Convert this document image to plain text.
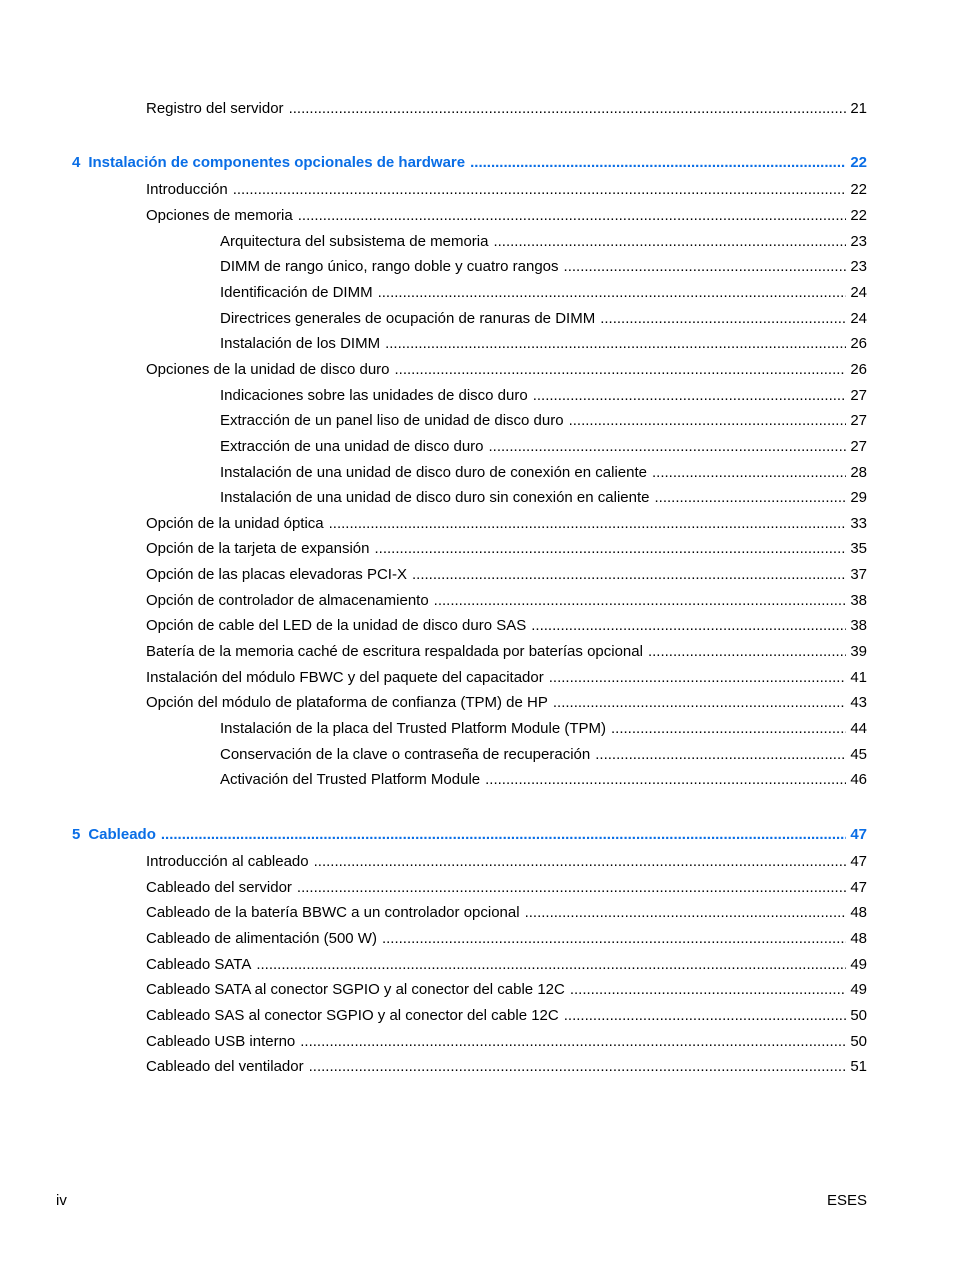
Registro del servidor .....	21
4 Instalación de componentes opcionales de hardware .....	22
Introducción .....	22
Opciones de memoria .....	22
Arquitectura del subsistema de memoria .....	23
DIMM de rango único, rango doble y cuatro rangos .....	23
Identificación de DIMM .....	24
Directrices generales de ocupación de ranuras de DIMM .....	24
Instalación de los DIMM .....	26
Opciones de la unidad de disco duro .....	26
Indicaciones sobre las unidades de disco duro .....	27
Extracción de un panel liso de unidad de disco duro .....	27
Extracción de una unidad de disco duro .....	27
Instalación de una unidad de disco duro de conexión en caliente .....	28
Instalación de una unidad de disco duro sin conexión en caliente .....	29
Opción de la unidad óptica .....	33
Opción de la tarjeta de expansión .....	35
Opción de las placas elevadoras PCI-X .....	37
Opción de controlador de almacenamiento .....	38
Opción de cable del LED de la unidad de disco duro SAS .....	38
Batería de la memoria caché de escritura respaldada por baterías opcional .....	39
Instalación del módulo FBWC y del paquete del capacitador .....	41
Opción del módulo de plataforma de confianza (TPM) de HP .....	43
Instalación de la placa del Trusted Platform Module (TPM) .....	44
Conservación de la clave o contraseña de recuperación .....	45
Activación del Trusted Platform Module .....	46
5 Cableado .....	47
Introducción al cableado .....	47
Cableado del servidor .....	47
Cableado de la batería BBWC a un controlador opcional .....	48
Cableado de alimentación (500 W) .....	48
Cableado SATA .....	49
Cableado SATA al conector SGPIO y al conector del cable 12C .....	49
Cableado SAS al conector SGPIO y al conector del cable 12C .....	50
Cableado USB interno .....	50
Cableado del ventilador .....	51
iv	ESES
